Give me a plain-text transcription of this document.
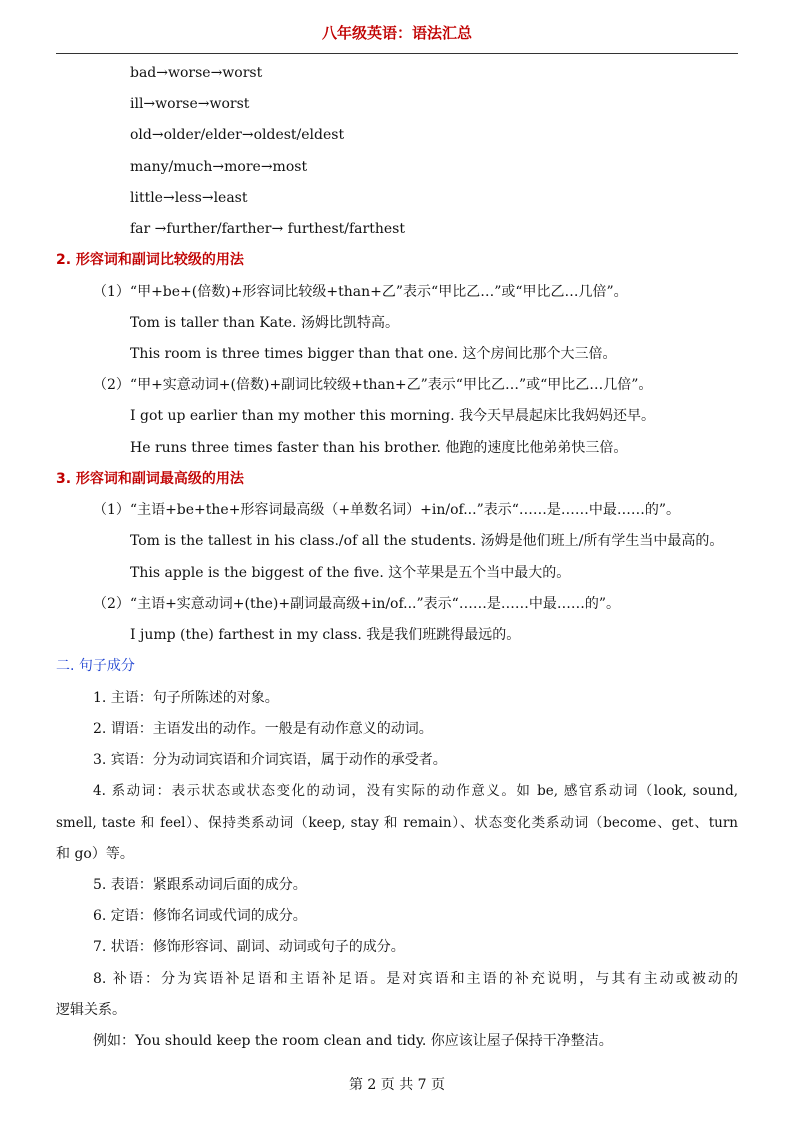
八年级英语：语法汇总
bad→worse→worst
ill→worse→worst
old→older/elder→oldest/eldest
many/much→more→most
little→less→least
far →further/farther→ furthest/farthest
2. 形容词和副词比较级的用法
（1）“甲+be+(倍数)+形容词比较级+than+乙”表示“甲比乙…”或“甲比乙…几倍”。
Tom is taller than Kate. 汤姆比凯特高。
This room is three times bigger than that one. 这个房间比那个大三倍。
（2）“甲+实意动词+(倍数)+副词比较级+than+乙”表示“甲比乙…”或“甲比乙…几倍”。
I got up earlier than my mother this morning. 我今天早晨起床比我妈妈还早。
He runs three times faster than his brother. 他跑的速度比他弟弟快三倍。
3. 形容词和副词最高级的用法
（1）“主语+be+the+形容词最高级（+单数名词）+in/of...”表示“……是……中最……的”。
Tom is the tallest in his class./of all the students. 汤姆是他们班上/所有学生当中最高的。
This apple is the biggest of the five. 这个苹果是五个当中最大的。
（2）“主语+实意动词+(the)+副词最高级+in/of...”表示“……是……中最……的”。
I jump (the) farthest in my class. 我是我们班跳得最远的。
二. 句子成分
1. 主语：句子所陈述的对象。
2. 谓语：主语发出的动作。一般是有动作意义的动词。
3. 宾语：分为动词宾语和介词宾语，属于动作的承受者。
4. 系动词：表示状态或状态变化的动词，没有实际的动作意义。如 be, 感官系动词（look, sound,
smell, taste 和 feel）、保持类系动词（keep, stay 和 remain）、状态变化类系动词（become、get、turn
和 go）等。
5. 表语：紧跟系动词后面的成分。
6. 定语：修饰名词或代词的成分。
7. 状语：修饰形容词、副词、动词或句子的成分。
8. 补语：分为宾语补足语和主语补足语。是对宾语和主语的补充说明，与其有主动或被动的
逻辑关系。
例如：You should keep the room clean and tidy. 你应该让屋子保持干净整洁。
第 2 页 共 7 页
